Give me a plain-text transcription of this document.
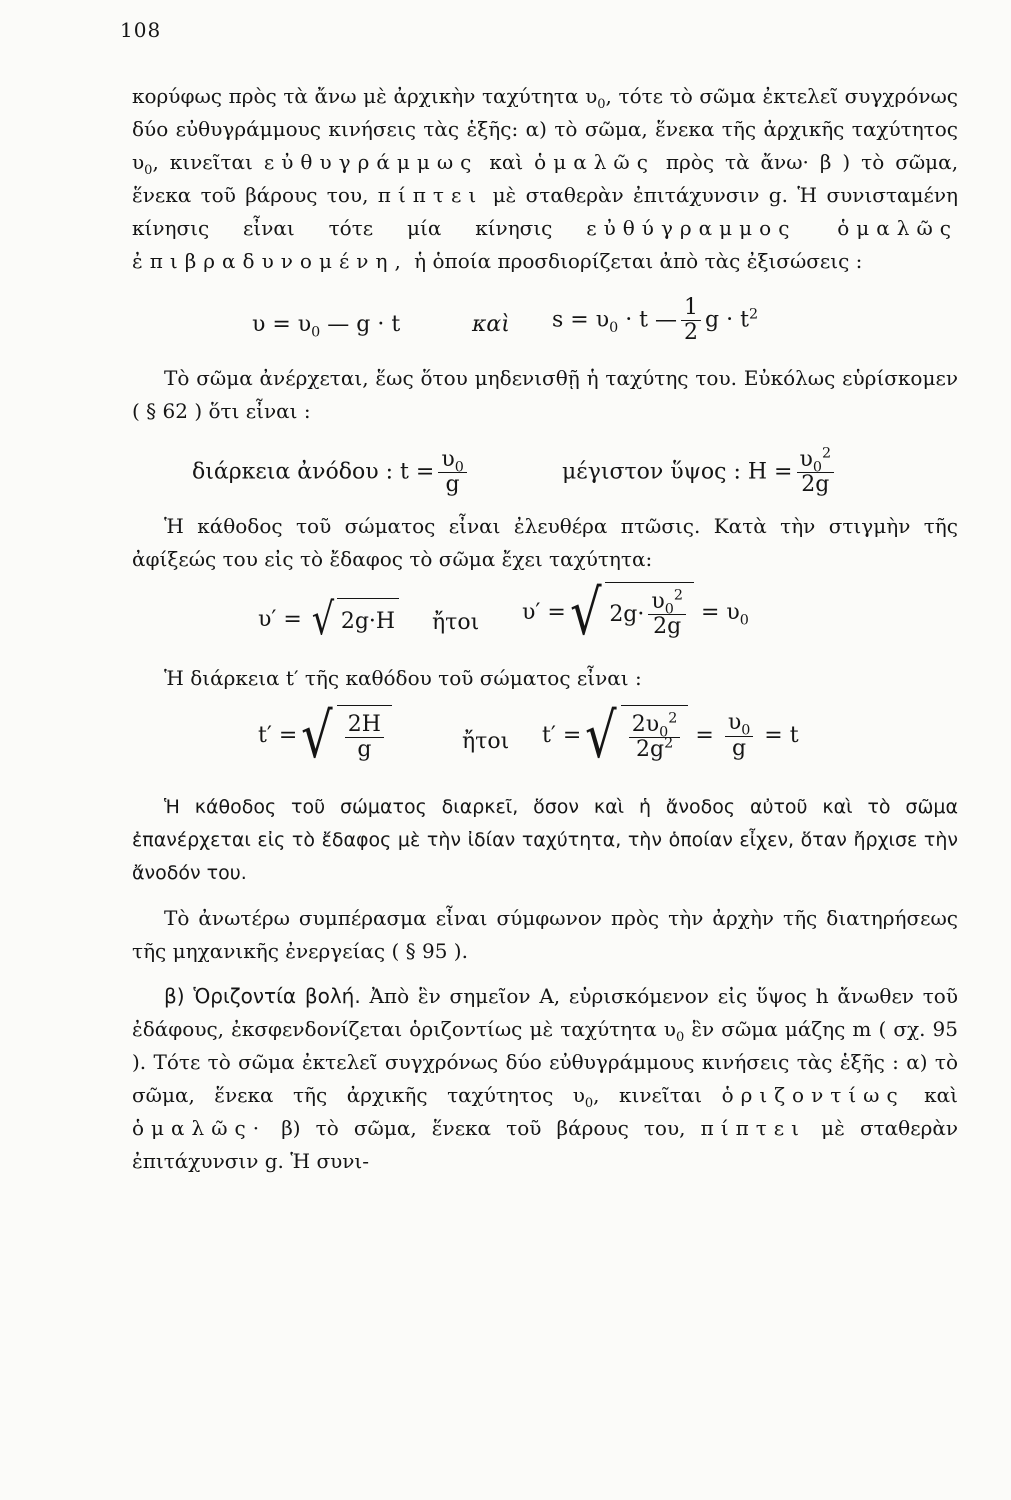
108

κορύφως πρὸς τὰ ἄνω μὲ ἀρχικὴν ταχύτητα $\upsilon_0$, τότε τὸ σῶμα ἐκτελεῖ συγχρόνως δύο εὐθυγράμμους κινήσεις τὰς ἑξῆς: α) τὸ σῶμα, ἕνεκα τῆς ἀρχικῆς ταχύτητος $\upsilon_0$, κινεῖται εὐθυγράμμως καὶ ὁμαλῶς πρὸς τὰ ἄνω· β ) τὸ σῶμα, ἕνεκα τοῦ βάρους του, πίπτει μὲ σταθερὰν ἐπιτάχυνσιν g. Ἡ συνισταμένη κίνησις εἶναι τότε μία κίνησις εὐθύγραμμος ὁμαλῶς ἐπιβραδυνομένη, ἡ ὁποία προσδιορίζεται ἀπὸ τὰς ἐξισώσεις :

$\upsilon = \upsilon_0$ — g · t	καὶ $s = \upsilon_0 \cdot t$ — $\frac{1}{2}$ $g \cdot t^2$

Τὸ σῶμα ἀνέρχεται, ἕως ὅτου μηδενισθῇ ἡ ταχύτης του. Εὐκόλως εὑρίσκομεν ( § 62 ) ὅτι εἶναι :

διάρκεια ἀνόδου : $t = \frac{\upsilon_0}{g}$	μέγιστον ὕψος : $H = \frac{\upsilon_0^2}{2g}$

Ἡ κάθοδος τοῦ σώματος εἶναι ἐλευθέρα πτῶσις. Κατὰ τὴν στιγμὴν τῆς ἀφίξεώς του εἰς τὸ ἔδαφος τὸ σῶμα ἔχει ταχύτητα:

υ′ = √ 2g·H ἤτοι υ′ = √ $2g\cdot \frac{\upsilon_0^2}{2g} = \upsilon_0$

Ἡ διάρκεια t′ τῆς καθόδου τοῦ σώματος εἶναι :

t′ = √ $\frac{2H}{g}$	ἤτοι t′ = √ $\frac{2\upsilon_0^2}{2g^2} = \frac{\upsilon_0}{g} = t$

Ἡ κάθοδος τοῦ σώματος διαρκεῖ, ὅσον καὶ ἡ ἄνοδος αὐτοῦ καὶ τὸ σῶμα ἐπανέρχεται εἰς τὸ ἔδαφος μὲ τὴν ἰδίαν ταχύτητα, τὴν ὁποίαν εἶχεν, ὅταν ἤρχισε τὴν ἄνοδόν του.

Τὸ ἀνωτέρω συμπέρασμα εἶναι σύμφωνον πρὸς τὴν ἀρχὴν τῆς διατηρήσεως τῆς μηχανικῆς ἐνεργείας ( § 95 ).

β) Ὁριζοντία βολή. Ἀπὸ ἓν σημεῖον Α, εὑρισκόμενον εἰς ὕψος h ἄνωθεν τοῦ ἐδάφους, ἐκσφενδονίζεται ὁριζοντίως μὲ ταχύτητα $\upsilon_0$ ἓν σῶμα μάζης m ( σχ. 95 ). Τότε τὸ σῶμα ἐκτελεῖ συγχρόνως δύο εὐθυγράμμους κινήσεις τὰς ἑξῆς : α) τὸ σῶμα, ἕνεκα τῆς ἀρχικῆς ταχύτητος $\upsilon_0$, κινεῖται ὁριζοντίως καὶ ὁμαλῶς· β) τὸ σῶμα, ἕνεκα τοῦ βάρους του, πίπτει μὲ σταθερὰν ἐπιτάχυνσιν g. Ἡ συνι-
